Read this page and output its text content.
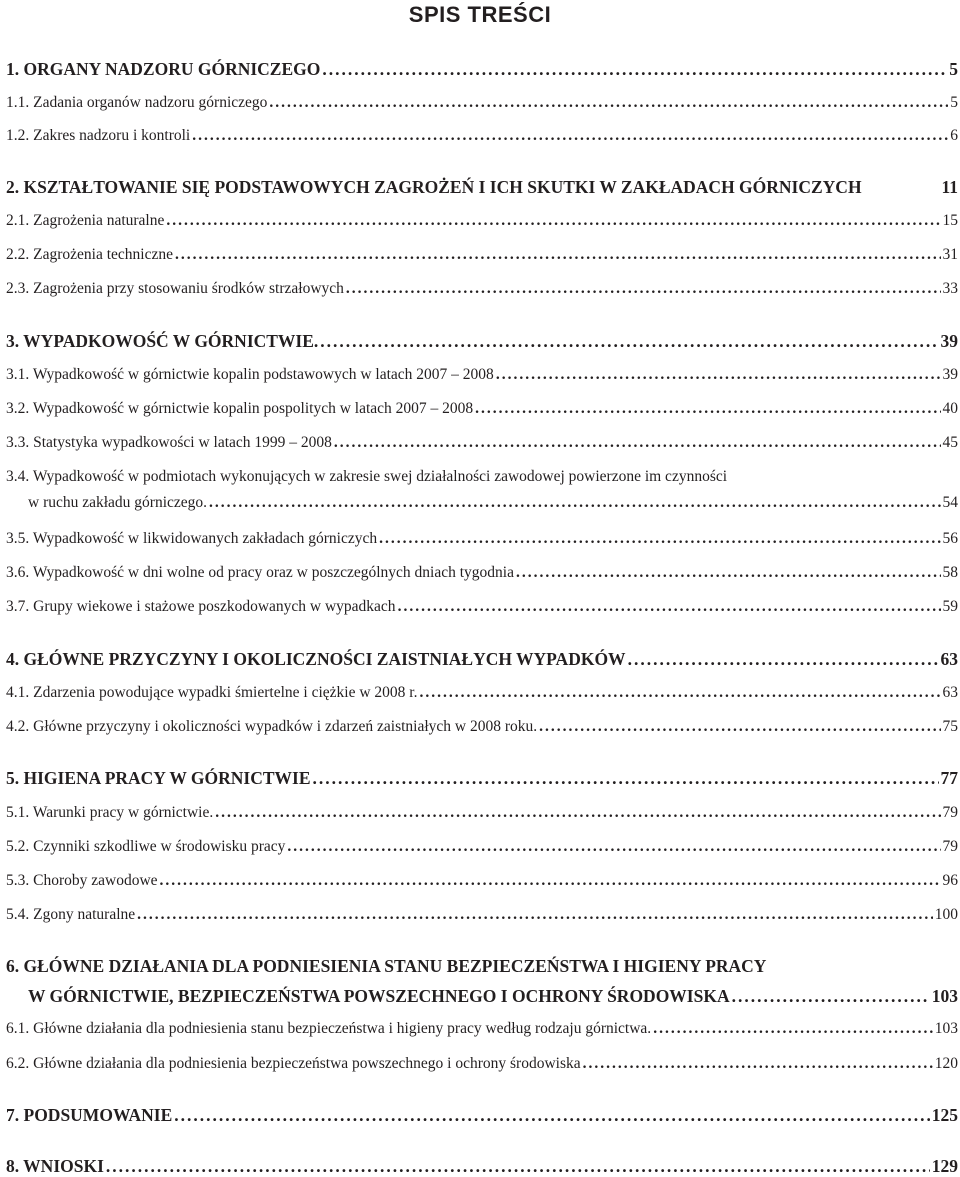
SPIS TREŚCI
1. ORGANY NADZORU GÓRNICZEGO .....	5
1.1. Zadania organów nadzoru górniczego .....	5
1.2. Zakres nadzoru i kontroli .....	6
2. KSZTAŁTOWANIE SIĘ PODSTAWOWYCH ZAGROŻEŃ I ICH SKUTKI W ZAKŁADACH GÓRNICZYCH	11
2.1. Zagrożenia naturalne .....	15
2.2. Zagrożenia techniczne .....	31
2.3. Zagrożenia przy stosowaniu środków strzałowych .....	33
3. WYPADKOWOŚĆ W GÓRNICTWIE. .....	39
3.1. Wypadkowość w górnictwie kopalin podstawowych w latach 2007 – 2008 .....	39
3.2. Wypadkowość w górnictwie kopalin pospolitych w latach 2007 – 2008 .....	40
3.3. Statystyka wypadkowości w latach 1999 – 2008 .....	45
3.4. Wypadkowość w podmiotach wykonujących w zakresie swej działalności zawodowej powierzone im czynności
w ruchu zakładu górniczego. .....	54
3.5. Wypadkowość w likwidowanych zakładach górniczych .....	56
3.6. Wypadkowość w dni wolne od pracy oraz w poszczególnych dniach tygodnia .....	58
3.7. Grupy wiekowe i stażowe poszkodowanych w wypadkach .....	59
4. GŁÓWNE PRZYCZYNY I OKOLICZNOŚCI ZAISTNIAŁYCH WYPADKÓW .....	63
4.1. Zdarzenia powodujące wypadki śmiertelne i ciężkie w 2008 r. .....	63
4.2. Główne przyczyny i okoliczności wypadków i zdarzeń zaistniałych w 2008 roku. .....	75
5. HIGIENA PRACY W GÓRNICTWIE .....	77
5.1. Warunki pracy w górnictwie. .....	79
5.2. Czynniki szkodliwe w środowisku pracy .....	79
5.3. Choroby zawodowe .....	96
5.4. Zgony naturalne .....	100
6. GŁÓWNE DZIAŁANIA DLA PODNIESIENIA STANU BEZPIECZEŃSTWA I HIGIENY PRACY
W GÓRNICTWIE, BEZPIECZEŃSTWA POWSZECHNEGO I OCHRONY ŚRODOWISKA .....	103
6.1. Główne działania dla podniesienia stanu bezpieczeństwa i higieny pracy według rodzaju górnictwa. .....	103
6.2. Główne działania dla podniesienia bezpieczeństwa powszechnego i ochrony środowiska .....	120
7. PODSUMOWANIE .....	125
8. WNIOSKI .....	129
